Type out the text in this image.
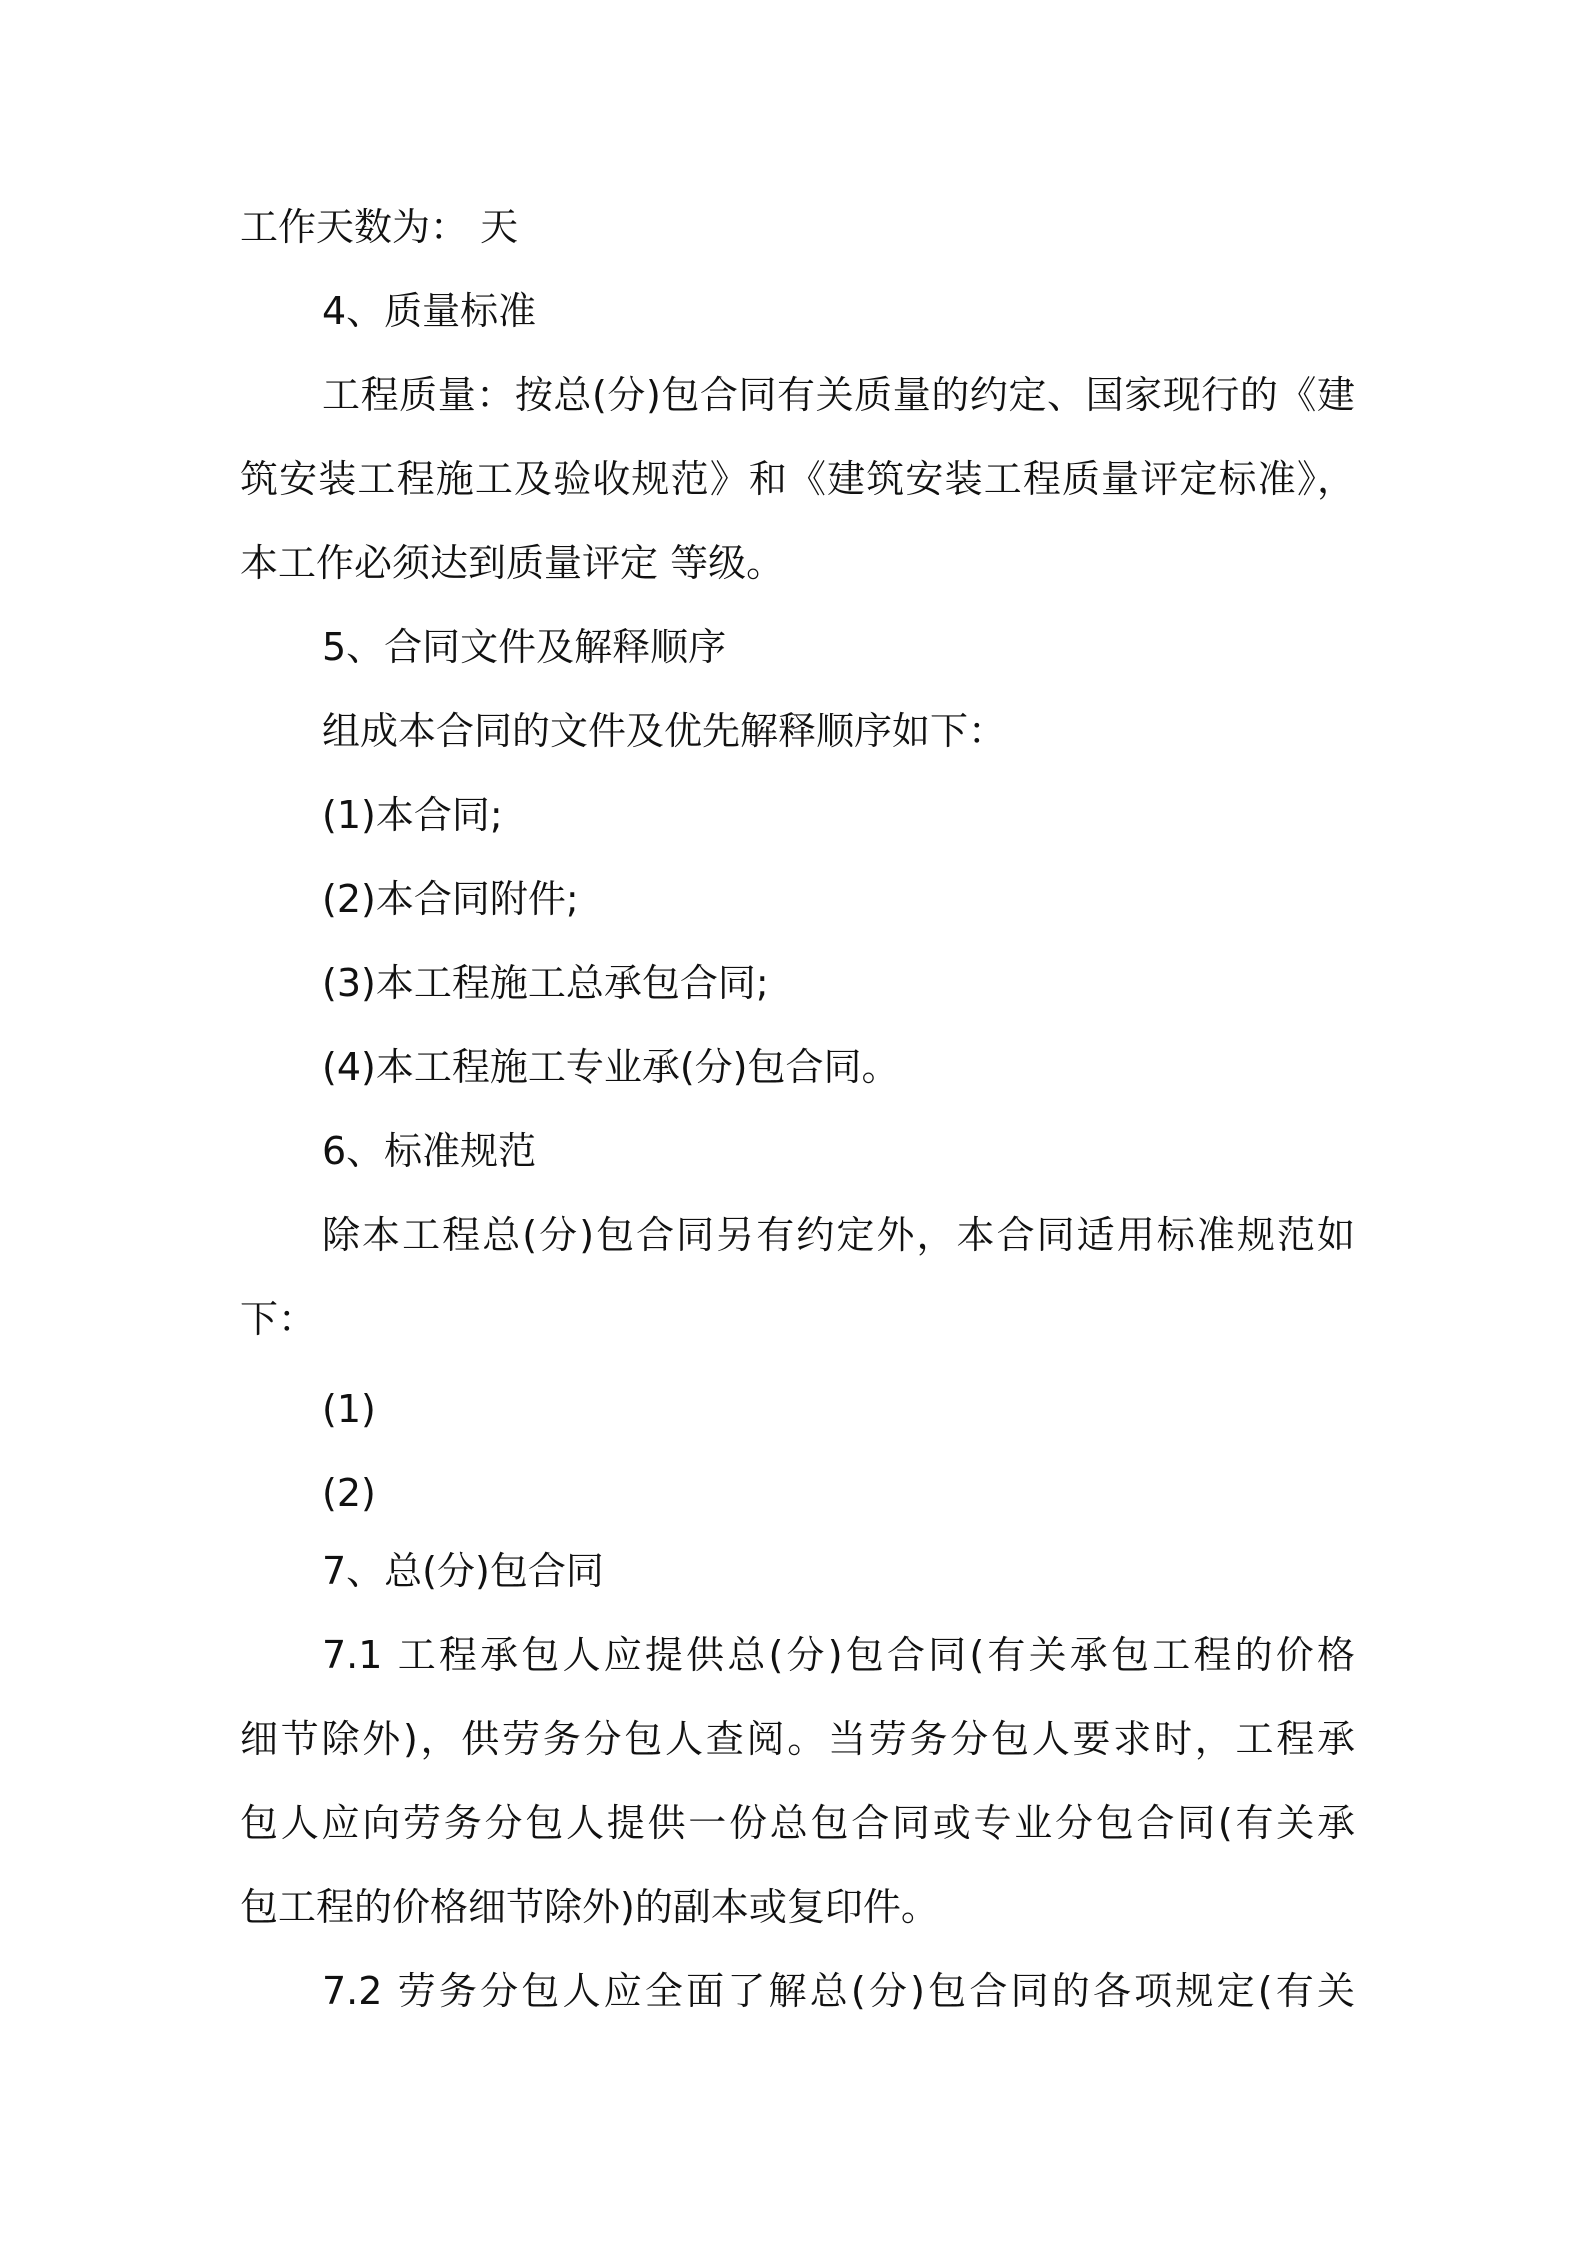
工作天数为： 天
4、质量标准
工程质量：按总(分)包合同有关质量的约定、国家现行的《建
筑安装工程施工及验收规范》和《建筑安装工程质量评定标准》，
本工作必须达到质量评定 等级。
5、合同文件及解释顺序
组成本合同的文件及优先解释顺序如下：
(1)本合同;
(2)本合同附件;
(3)本工程施工总承包合同;
(4)本工程施工专业承(分)包合同。
6、标准规范
除本工程总(分)包合同另有约定外，本合同适用标准规范如
下：
(1)
(2)
7、总(分)包合同
7.1 工程承包人应提供总(分)包合同(有关承包工程的价格
细节除外)，供劳务分包人查阅。当劳务分包人要求时，工程承
包人应向劳务分包人提供一份总包合同或专业分包合同(有关承
包工程的价格细节除外)的副本或复印件。
7.2 劳务分包人应全面了解总(分)包合同的各项规定(有关
